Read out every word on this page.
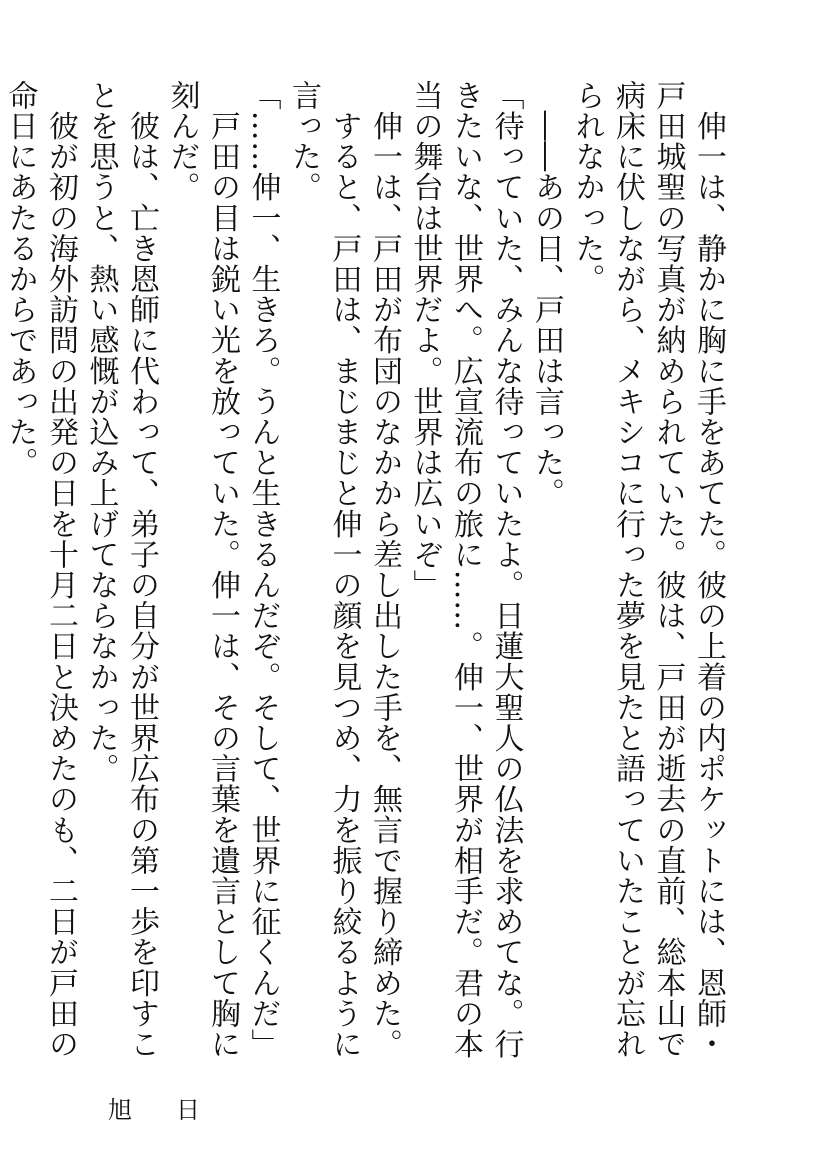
伸一は、静かに胸に手をあてた。彼の上着の内ポケットには、恩師・戸田城聖の写真が納められていた。彼は、戸田が逝去の直前、総本山で病床に伏しながら、メキシコに行った夢を見たと語っていたことが忘れられなかった。

――あの日、戸田は言った。

「待っていた、みんな待っていたよ。日蓮大聖人の仏法を求めてな。行きたいな、世界へ。広宣流布の旅に……。伸一、世界が相手だ。君の本当の舞台は世界だよ。世界は広いぞ」

伸一は、戸田が布団のなかから差し出した手を、無言で握り締めた。

すると、戸田は、まじまじと伸一の顔を見つめ、力を振り絞るように言った。

「……伸一、生きろ。うんと生きるんだぞ。そして、世界に征くんだ」

戸田の目は鋭い光を放っていた。伸一は、その言葉を遺言として胸に刻んだ。

彼は、亡き恩師に代わって、弟子の自分が世界広布の第一歩を印すことを思うと、熱い感慨が込み上げてならなかった。

彼が初の海外訪問の出発の日を十月二日と決めたのも、二日が戸田の命日にあたるからであった。

旭日
